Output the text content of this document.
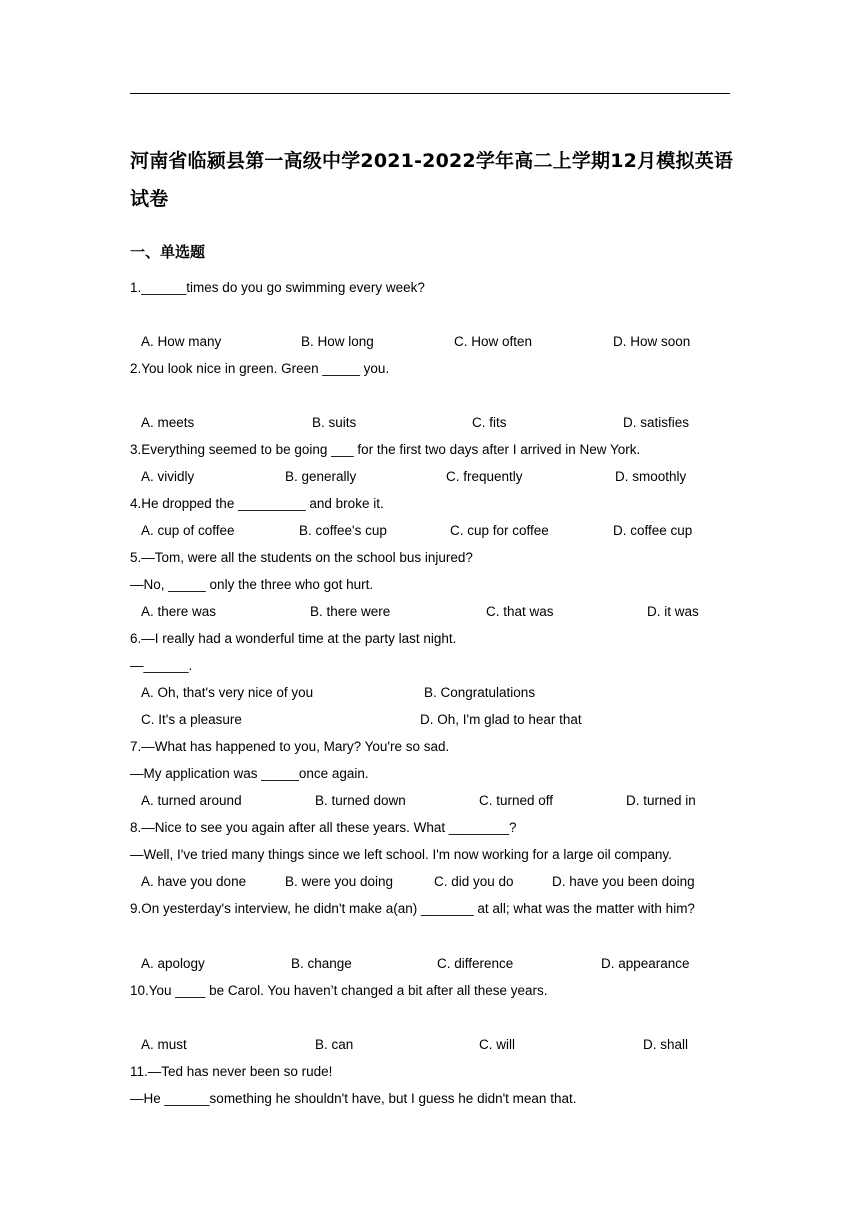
河南省临颍县第一高级中学2021-2022学年高二上学期12月模拟英语试卷
一、单选题
1.______times do you go swimming every week?
A. How many	B. How long	C. How often	D. How soon
2.You look nice in green. Green _____ you.
A. meets	B. suits	C. fits	D. satisfies
3.Everything seemed to be going ___ for the first two days after I arrived in New York.
A. vividly	B. generally	C. frequently	D. smoothly
4.He dropped the _________ and broke it.
A. cup of coffee	B. coffee's cup	C. cup for coffee	D. coffee cup
5.—Tom, were all the students on the school bus injured?
—No, _____ only the three who got hurt.
A. there was	B. there were	C. that was	D. it was
6.—I really had a wonderful time at the party last night.
—______.
A. Oh, that's very nice of you	B. Congratulations
C. It's a pleasure	D. Oh, I'm glad to hear that
7.—What has happened to you, Mary? You're so sad.
—My application was _____once again.
A. turned around	B. turned down	C. turned off	D. turned in
8.—Nice to see you again after all these years. What ________?
—Well, I've tried many things since we left school. I'm now working for a large oil company.
A. have you done	B. were you doing	C. did you do	D. have you been doing
9.On yesterday's interview, he didn't make a(an) _______ at all; what was the matter with him?
A. apology	B. change	C. difference	D. appearance
10.You ____ be Carol. You haven’t changed a bit after all these years.
A. must	B. can	C. will	D. shall
11.—Ted has never been so rude!
—He ______something he shouldn't have, but I guess he didn't mean that.
